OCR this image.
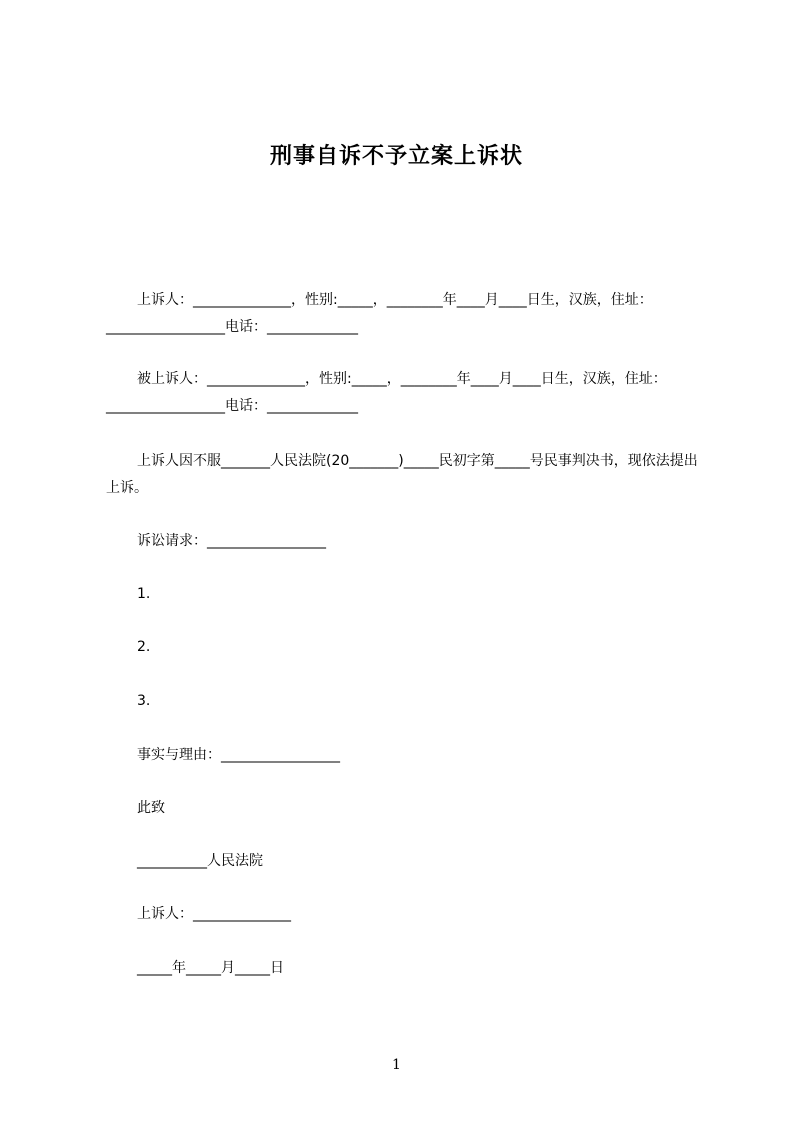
刑事自诉不予立案上诉状
上诉人：______________，性别:_____，________年____月____日生，汉族，住址：_________________电话：_____________
被上诉人：______________，性别:_____，________年____月____日生，汉族，住址：_________________电话：_____________
上诉人因不服_______人民法院(20_______)_____民初字第_____号民事判决书，现依法提出上诉。
诉讼请求：_________________
1.
2.
3.
事实与理由：_________________
此致
__________人民法院
上诉人：______________
_____年_____月_____日
1
